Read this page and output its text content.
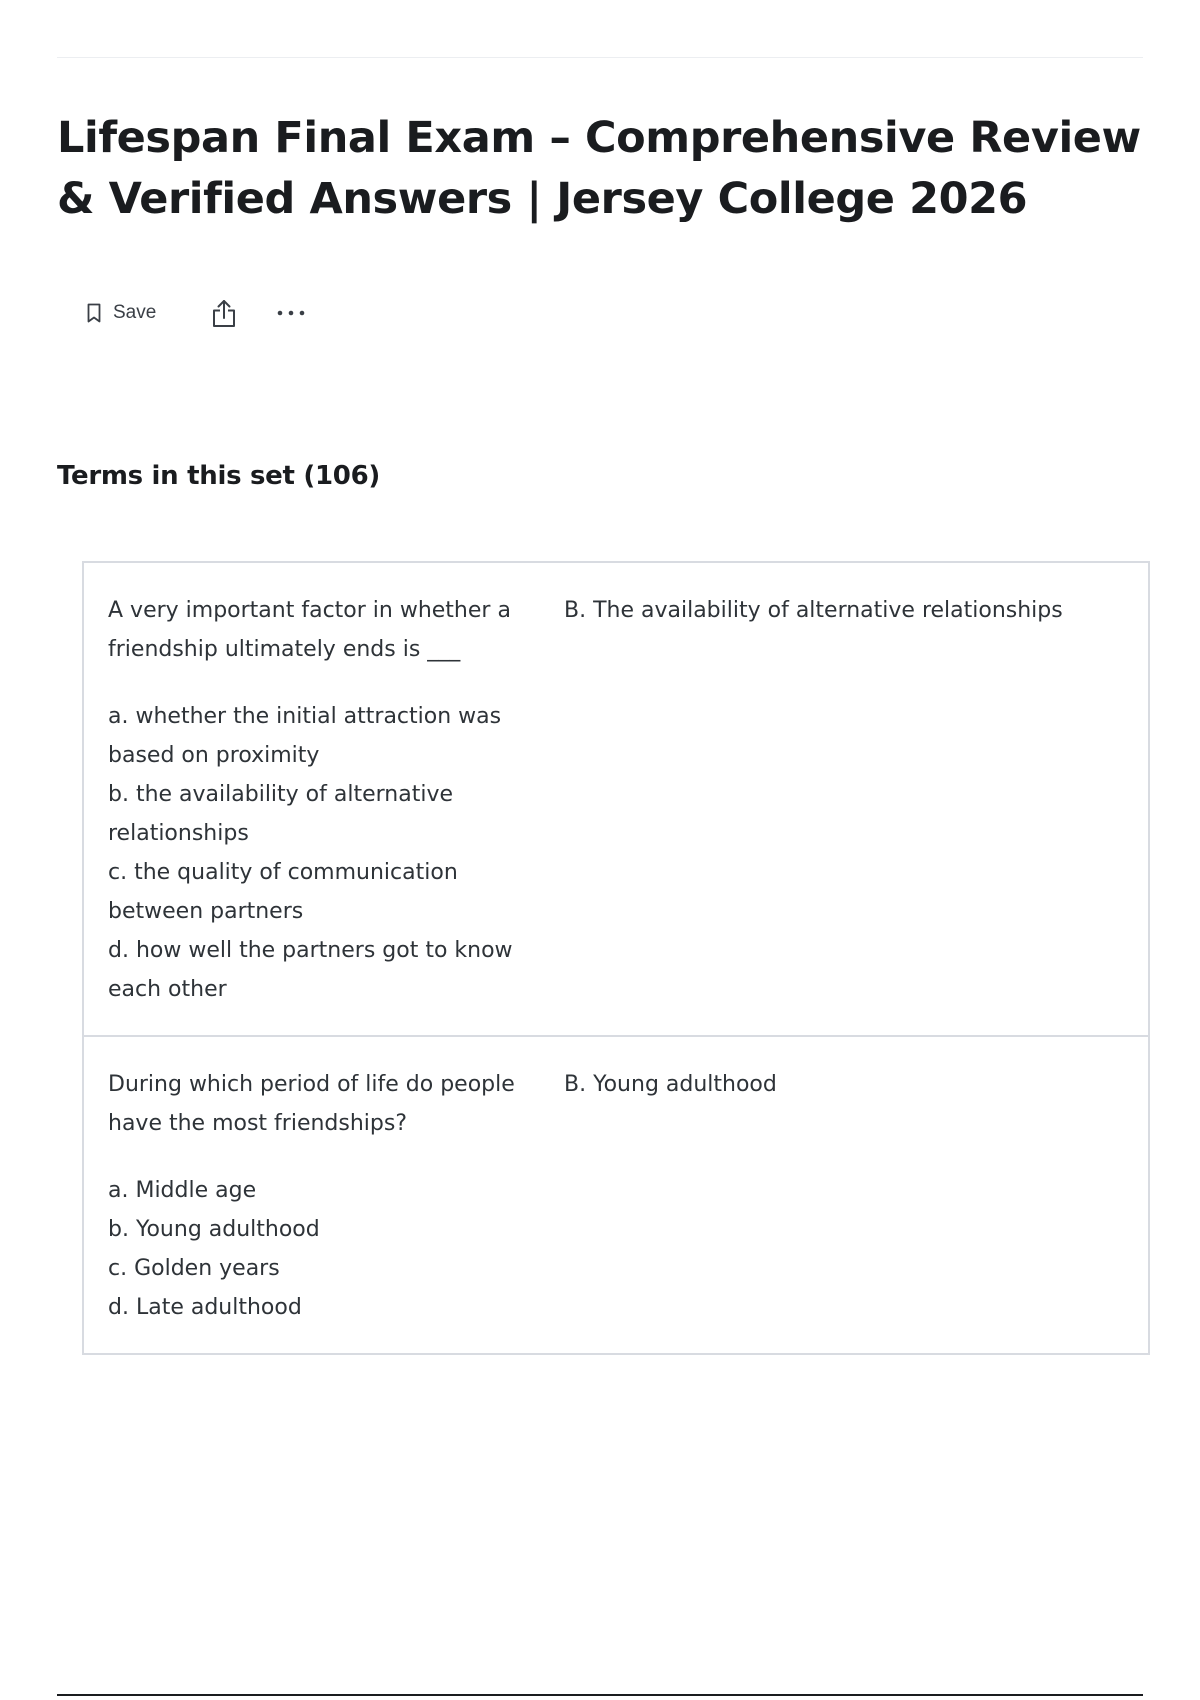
Lifespan Final Exam – Comprehensive Review & Verified Answers | Jersey College 2026
Save
Terms in this set (106)

A very important factor in whether a friendship ultimately ends is ___

a. whether the initial attraction was based on proximity

b. the availability of alternative relationships

c. the quality of communication between partners

d. how well the partners got to know each other

B. The availability of alternative relationships

During which period of life do people have the most friendships?

a. Middle age

b. Young adulthood

c. Golden years

d. Late adulthood

B. Young adulthood
